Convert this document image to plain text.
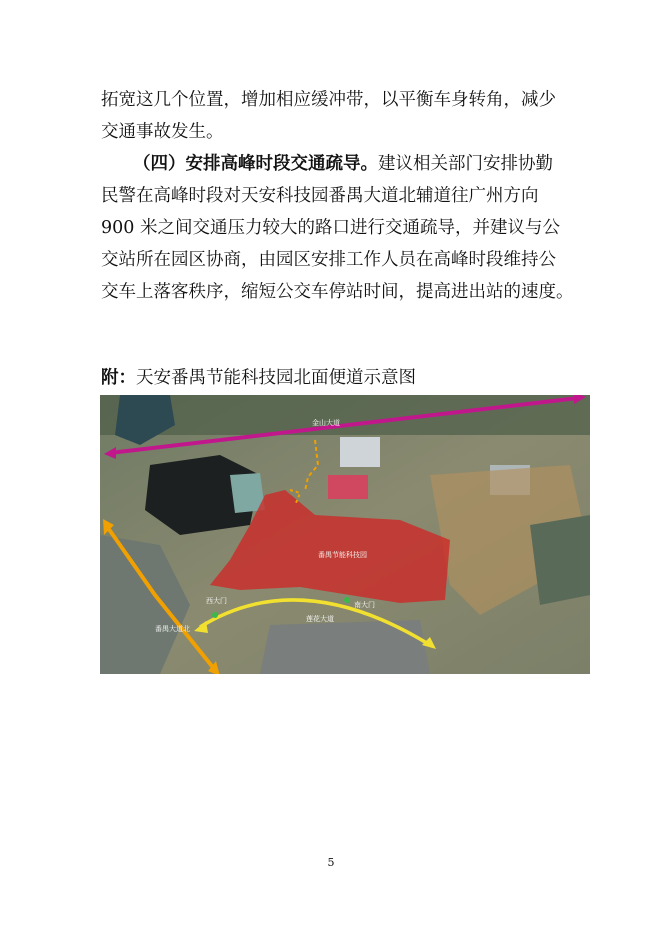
拓宽这几个位置，增加相应缓冲带，以平衡车身转角，减少
交通事故发生。
（四）安排高峰时段交通疏导。建议相关部门安排协勤
民警在高峰时段对天安科技园番禺大道北辅道往广州方向
900 米之间交通压力较大的路口进行交通疏导，并建议与公
交站所在园区协商，由园区安排工作人员在高峰时段维持公
交车上落客秩序，缩短公交车停站时间，提高进出站的速度。
附：天安番禺节能科技园北面便道示意图
金山大道
番禺节能科技园
西大门	南大门
莲花大道
番禺大道北
5
